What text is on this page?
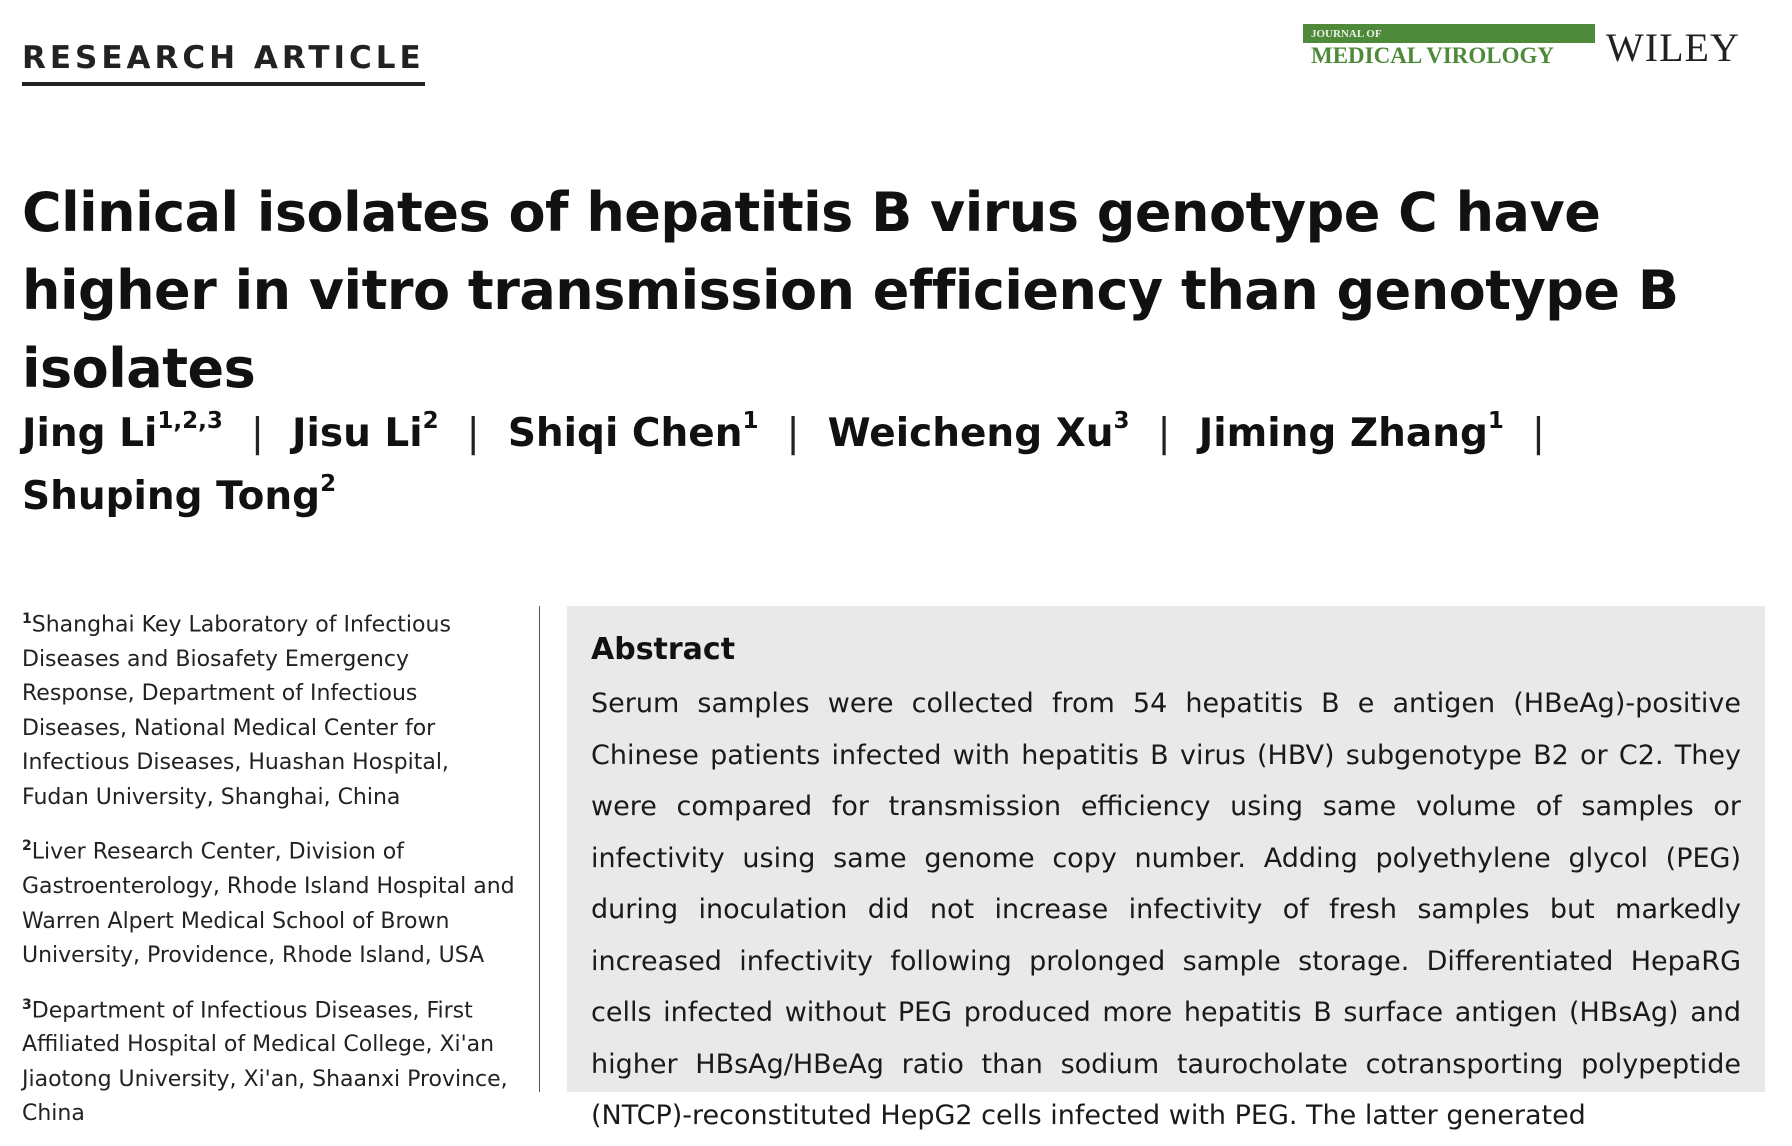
RESEARCH ARTICLE
JOURNAL OF
MEDICAL VIROLOGY	WILEY
Clinical isolates of hepatitis B virus genotype C have higher in vitro transmission efficiency than genotype B isolates
Jing Li$^{1,2,3}$ | Jisu Li$^2$ | Shiqi Chen$^1$ | Weicheng Xu$^3$ | Jiming Zhang$^1$ |
Shuping Tong$^2$

$^1$Shanghai Key Laboratory of Infectious Diseases and Biosafety Emergency Response, Department of Infectious Diseases, National Medical Center for Infectious Diseases, Huashan Hospital, Fudan University, Shanghai, China

$^2$Liver Research Center, Division of Gastroenterology, Rhode Island Hospital and Warren Alpert Medical School of Brown University, Providence, Rhode Island, USA

$^3$Department of Infectious Diseases, First Affiliated Hospital of Medical College, Xi'an Jiaotong University, Xi'an, Shaanxi Province, China

Abstract

Serum samples were collected from 54 hepatitis B e antigen (HBeAg)-positive Chinese patients infected with hepatitis B virus (HBV) subgenotype B2 or C2. They were compared for transmission efficiency using same volume of samples or infectivity using same genome copy number. Adding polyethylene glycol (PEG) during inoculation did not increase infectivity of fresh samples but markedly increased infectivity following prolonged sample storage. Differentiated HepaRG cells infected without PEG produced more hepatitis B surface antigen (HBsAg) and higher HBsAg/HBeAg ratio than sodium taurocholate cotransporting polypeptide (NTCP)-reconstituted HepG2 cells infected with PEG. The latter generated
